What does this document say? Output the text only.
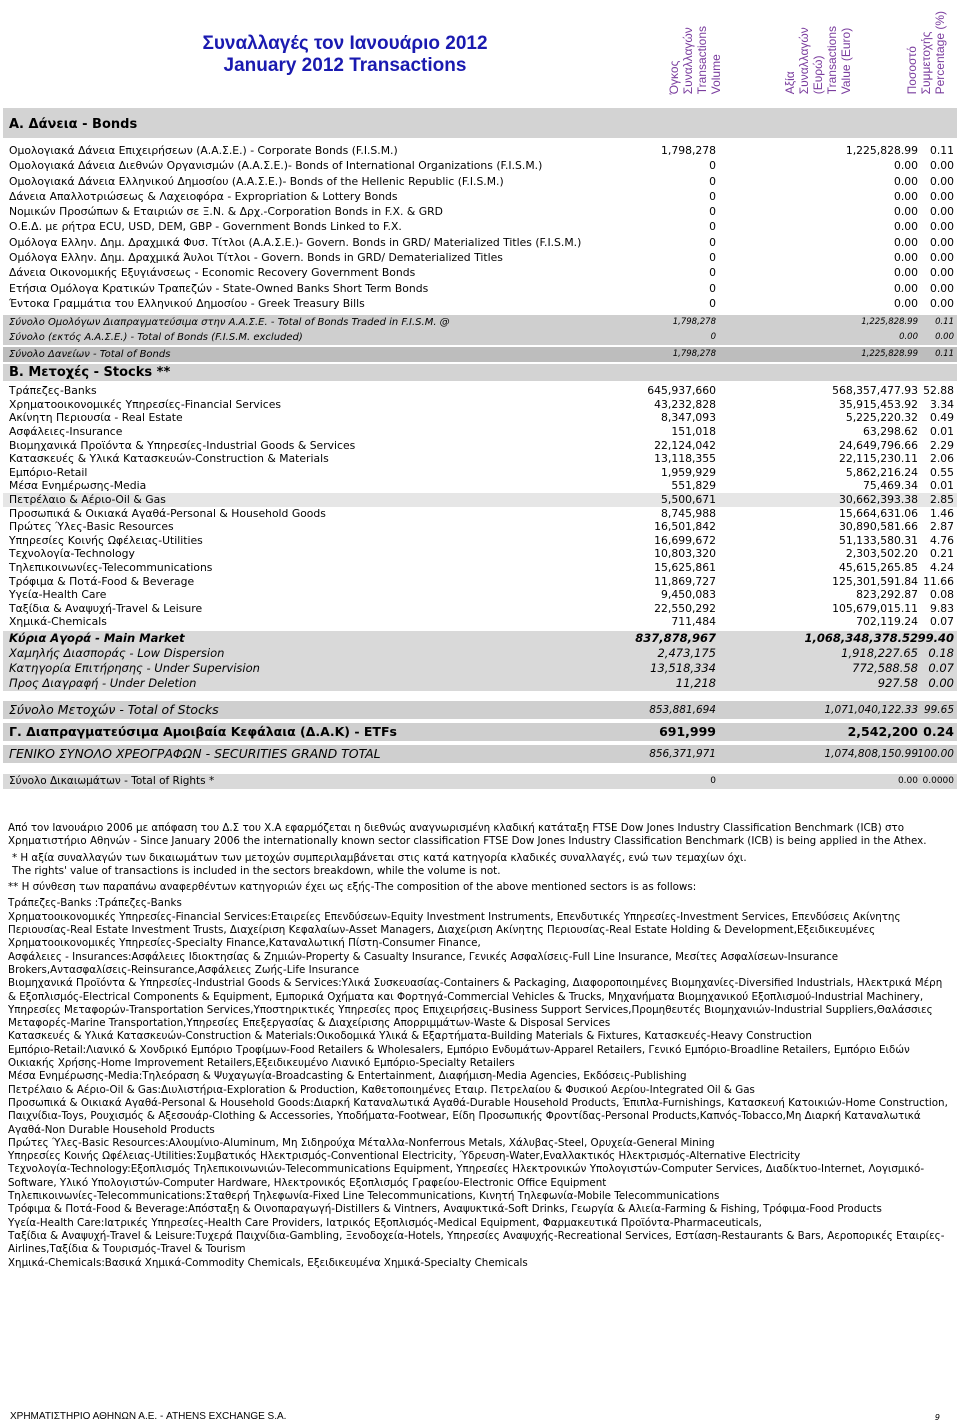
Συναλλαγές τον Ιανουάριο 2012
January 2012 Transactions	Όγκος Συναλλαγών Transactions Volume	Αξία Συναλλαγών (Ευρώ) Transactions Value (Euro)	Ποσοστό Συμμετοχής Percentage (%)
Α. Δάνεια - Bonds
Ομολογιακά Δάνεια Επιχειρήσεων (Α.Α.Σ.Ε.) - Corporate Bonds (F.I.S.M.)	1,798,278	1,225,828.99 0.11
Ομολογιακά Δάνεια Διεθνών Οργανισμών (Α.Α.Σ.Ε.)- Bonds of International Organizations (F.I.S.M.)	0	0.00 0.00
Ομολογιακά Δάνεια Ελληνικού Δημοσίου (Α.Α.Σ.Ε.)- Bonds of the Hellenic Republic (F.I.S.M.)	0	0.00 0.00
Δάνεια Απαλλοτριώσεως & Λαχειοφόρα - Expropriation & Lottery Bonds	0	0.00 0.00
Νομικών Προσώπων & Εταιριών σε Ξ.Ν. & Δρχ.-Corporation Bonds in F.X. & GRD	0	0.00 0.00
Ο.Ε.Δ. με ρήτρα ECU, USD, DEM, GBP - Government Bonds Linked to F.X.	0	0.00 0.00
Ομόλογα Ελλην. Δημ. Δραχμικά Φυσ. Τίτλοι (Α.Α.Σ.Ε.)- Govern. Bonds in GRD/ Materialized Titles (F.I.S.M.)	0	0.00 0.00
Ομόλογα Ελλην. Δημ. Δραχμικά Άυλοι Τίτλοι - Govern. Bonds in GRD/ Dematerialized Titles	0	0.00 0.00
Δάνεια Οικονομικής Εξυγιάνσεως - Economic Recovery Government Bonds	0	0.00 0.00
Ετήσια Ομόλογα Κρατικών Τραπεζών - State-Owned Banks Short Term Bonds	0	0.00 0.00
Έντοκα Γραμμάτια του Ελληνικού Δημοσίου - Greek Treasury Bills	0	0.00 0.00
Σύνολο Ομολόγων Διαπραγματεύσιμα στην Α.Α.Σ.Ε. - Total of Bonds Traded in F.I.S.M. @	1,798,278	1,225,828.99 0.11
Σύνολο (εκτός Α.Α.Σ.Ε.) - Total of Bonds (F.I.S.M. excluded)	0	0.00 0.00
Σύνολο Δανείων - Total of Bonds	1,798,278	1,225,828.99 0.11
Β. Μετοχές - Stocks **
Τράπεζες-Banks	645,937,660	568,357,477.93 52.88
Χρηματοοικονομικές Υπηρεσίες-Financial Services	43,232,828	35,915,453.92 3.34
Ακίνητη Περιουσία - Real Estate	8,347,093	5,225,220.32 0.49
Ασφάλειες-Insurance	151,018	63,298.62 0.01
Βιομηχανικά Προϊόντα & Υπηρεσίες-Industrial Goods & Services	22,124,042	24,649,796.66 2.29
Κατασκευές & Υλικά Κατασκευών-Construction & Materials	13,118,355	22,115,230.11 2.06
Εμπόριο-Retail	1,959,929	5,862,216.24 0.55
Μέσα Ενημέρωσης-Media	551,829	75,469.34 0.01
Πετρέλαιο & Αέριο-Oil & Gas	5,500,671	30,662,393.38 2.85
Προσωπικά & Οικιακά Αγαθά-Personal & Household Goods	8,745,988	15,664,631.06 1.46
Πρώτες Ύλες-Basic Resources	16,501,842	30,890,581.66 2.87
Υπηρεσίες Κοινής Ωφέλειας-Utilities	16,699,672	51,133,580.31 4.76
Τεχνολογία-Technology	10,803,320	2,303,502.20 0.21
Τηλεπικοινωνίες-Telecommunications	15,625,861	45,615,265.85 4.24
Τρόφιμα & Ποτά-Food & Beverage	11,869,727	125,301,591.84 11.66
Υγεία-Health Care	9,450,083	823,292.87 0.08
Ταξίδια & Αναψυχή-Travel & Leisure	22,550,292	105,679,015.11 9.83
Χημικά-Chemicals	711,484	702,119.24 0.07
Κύρια Αγορά - Main Market	837,878,967	1,068,348,378.52 99.40
Χαμηλής Διασποράς - Low Dispersion	2,473,175	1,918,227.65 0.18
Κατηγορία Επιτήρησης - Under Supervision	13,518,334	772,588.58 0.07
Προς Διαγραφή - Under Deletion	11,218	927.58 0.00
Σύνολο Μετοχών - Total of Stocks	853,881,694	1,071,040,122.33 99.65
Γ. Διαπραγματεύσιμα Αμοιβαία Κεφάλαια (Δ.Α.Κ) - ETFs	691,999	2,542,200 0.24
ΓΕΝΙΚΟ ΣΥΝΟΛΟ ΧΡΕΟΓΡΑΦΩΝ - SECURITIES GRAND TOTAL	856,371,971	1,074,808,150.99 100.00
Σύνολο Δικαιωμάτων - Total of Rights *	0	0.00 0.0000

Από τον Ιανουάριο 2006 με απόφαση του Δ.Σ του Χ.Α εφαρμόζεται η διεθνώς αναγνωρισμένη κλαδική κατάταξη FTSE Dow Jones Industry Classification Benchmark (ICB) στο Χρηματιστήριο Αθηνών - Since January 2006 the internationally known sector classification FTSE Dow Jones Industry Classification Benchmark (ICB) is being applied in the Athex.

* Η αξία συναλλαγών των δικαιωμάτων των μετοχών συμπεριλαμβάνεται στις κατά κατηγορία κλαδικές συναλλαγές, ενώ των τεμαχίων όχι.

The rights' value of transactions is included in the sectors breakdown, while the volume is not.

** Η σύνθεση των παραπάνω αναφερθέντων κατηγοριών έχει ως εξής-The composition of the above mentioned sectors is as follows:

Τράπεζες-Banks :Τράπεζες-Banks

Χρηματοοικονομικές Υπηρεσίες-Financial Services:Εταιρείες Επενδύσεων-Equity Investment Instruments, Επενδυτικές Υπηρεσίες-Investment Services, Επενδύσεις Ακίνητης Περιουσίας-Real Estate Investment Trusts, Διαχείριση Κεφαλαίων-Asset Managers, Διαχείριση Ακίνητης Περιουσίας-Real Estate Holding & Development,Εξειδικευμένες Χρηματοοικονομικές Υπηρεσίες-Specialty Finance,Καταναλωτική Πίστη-Consumer Finance,

Ασφάλειες - Insurances:Ασφάλειες Ιδιοκτησίας & Ζημιών-Property & Casualty Insurance, Γενικές Ασφαλίσεις-Full Line Insurance, Μεσίτες Ασφαλίσεων-Insurance Brokers,Αντασφαλίσεις-Reinsurance,Ασφάλειες Ζωής-Life Insurance

Βιομηχανικά Προϊόντα & Υπηρεσίες-Industrial Goods & Services:Υλικά Συσκευασίας-Containers & Packaging, Διαφοροποιημένες Βιομηχανίες-Diversified Industrials, Ηλεκτρικά Μέρη & Εξοπλισμός-Electrical Components & Equipment, Εμπορικά Οχήματα και Φορτηγά-Commercial Vehicles & Trucks, Μηχανήματα Βιομηχανικού Εξοπλισμού-Industrial Machinery, Υπηρεσίες Μεταφορών-Transportation Services,Υποστηρικτικές Υπηρεσίες προς Επιχειρήσεις-Business Support Services,Προμηθευτές Βιομηχανιών-Industrial Suppliers,Θαλάσσιες Μεταφορές-Marine Transportation,Υπηρεσίες Επεξεργασίας & Διαχείρισης Απορριμμάτων-Waste & Disposal Services

Κατασκευές & Υλικά Κατασκευών-Construction & Materials:Οικοδομικά Υλικά & Εξαρτήματα-Building Materials & Fixtures, Κατασκευές-Heavy Construction

Εμπόριο-Retail:Λιανικό & Χονδρικό Εμπόριο Τροφίμων-Food Retailers & Wholesalers, Εμπόριο Ενδυμάτων-Apparel Retailers, Γενικό Εμπόριο-Broadline Retailers, Εμπόριο Ειδών Οικιακής Χρήσης-Home Improvement Retailers,Εξειδικευμένο Λιανικό Εμπόριο-Specialty Retailers

Μέσα Ενημέρωσης-Media:Τηλεόραση & Ψυχαγωγία-Broadcasting & Entertainment, Διαφήμιση-Media Agencies, Εκδόσεις-Publishing

Πετρέλαιο & Αέριο-Oil & Gas:Διυλιστήρια-Exploration & Production, Καθετοποιημένες Εταιρ. Πετρελαίου & Φυσικού Αερίου-Integrated Oil & Gas

Προσωπικά & Οικιακά Αγαθά-Personal & Household Goods:Διαρκή Καταναλωτικά Αγαθά-Durable Household Products, Έπιπλα-Furnishings, Κατασκευή Κατοικιών-Home Construction, Παιχνίδια-Toys, Ρουχισμός & Αξεσουάρ-Clothing & Accessories, Υποδήματα-Footwear, Είδη Προσωπικής Φροντίδας-Personal Products,Καπνός-Tobacco,Μη Διαρκή Καταναλωτικά Αγαθά-Non Durable Household Products

Πρώτες Ύλες-Basic Resources:Αλουμίνιο-Aluminum, Μη Σιδηρούχα Μέταλλα-Nonferrous Metals, Χάλυβας-Steel, Ορυχεία-General Mining

Υπηρεσίες Κοινής Ωφέλειας-Utilities:Συμβατικός Ηλεκτρισμός-Conventional Electricity, Ύδρευση-Water,Εναλλακτικός Ηλεκτρισμός-Alternative Electricity

Τεχνολογία-Technology:Εξοπλισμός Τηλεπικοινωνιών-Telecommunications Equipment, Υπηρεσίες Ηλεκτρονικών Υπολογιστών-Computer Services, Διαδίκτυο-Internet, Λογισμικό-Software, Υλικό Υπολογιστών-Computer Hardware, Ηλεκτρονικός Εξοπλισμός Γραφείου-Electronic Office Equipment

Τηλεπικοινωνίες-Telecommunications:Σταθερή Τηλεφωνία-Fixed Line Telecommunications, Κινητή Τηλεφωνία-Mobile Telecommunications

Τρόφιμα & Ποτά-Food & Beverage:Απόσταξη & Οινοπαραγωγή-Distillers & Vintners, Αναψυκτικά-Soft Drinks, Γεωργία & Αλιεία-Farming & Fishing, Τρόφιμα-Food Products

Υγεία-Health Care:Ιατρικές Υπηρεσίες-Health Care Providers, Ιατρικός Εξοπλισμός-Medical Equipment, Φαρμακευτικά Προϊόντα-Pharmaceuticals,

Ταξίδια & Αναψυχή-Travel & Leisure:Τυχερά Παιχνίδια-Gambling, Ξενοδοχεία-Hotels, Υπηρεσίες Αναψυχής-Recreational Services, Εστίαση-Restaurants & Bars, Αεροπορικές Εταιρίες-Airlines,Ταξίδια & Τουρισμός-Travel & Tourism

Χημικά-Chemicals:Βασικά Χημικά-Commodity Chemicals, Εξειδικευμένα Χημικά-Specialty Chemicals

ΧΡΗΜΑΤΙΣΤΗΡΙΟ ΑΘΗΝΩΝ Α.Ε. - ATHENS EXCHANGE S.A.	9
